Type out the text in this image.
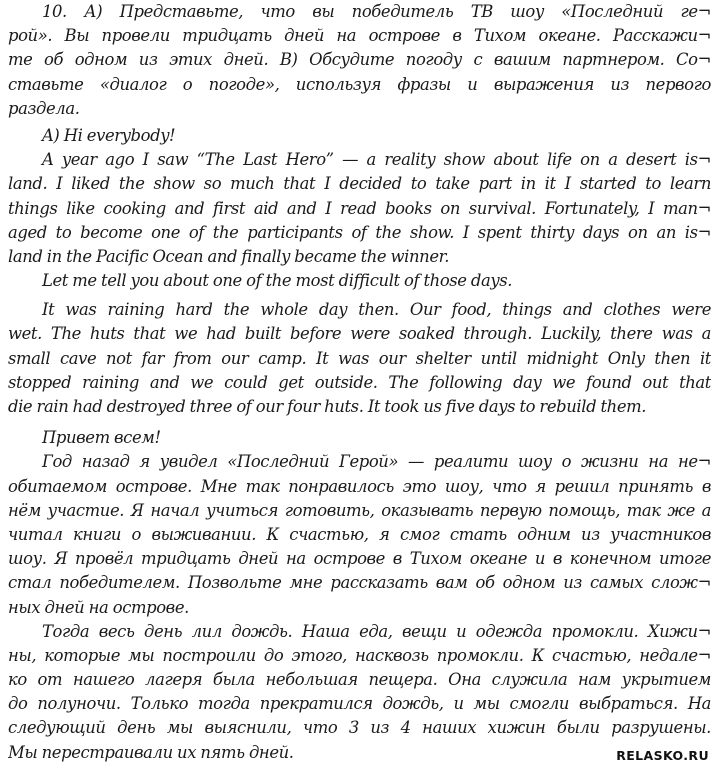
10. А) Представьте, что вы победитель ТВ шоу «Последний ге¬
рой». Вы провели тридцать дней на острове в Тихом океане. Расскажи¬
те об одном из этих дней. В) Обсудите погоду с вашим партнером. Со¬
ставьте «диалог о погоде», используя фразы и выражения из первого
раздела.
A) Hi everybody!
A year ago I saw “The Last Hero” — a reality show about life on a desert is¬
land. I liked the show so much that I decided to take part in it I started to learn
things like cooking and first aid and I read books on survival. Fortunately, I man¬
aged to become one of the participants of the show. I spent thirty days on an is¬
land in the Pacific Ocean and finally became the winner.
Let me tell you about one of the most difficult of those days.
It was raining hard the whole day then. Our food, things and clothes were
wet. The huts that we had built before were soaked through. Luckily, there was a
small cave not far from our camp. It was our shelter until midnight Only then it
stopped raining and we could get outside. The following day we found out that
die rain had destroyed three of our four huts. It took us five days to rebuild them.
Привет всем!
Год назад я увидел «Последний Герой» — реалити шоу о жизни на не¬
обитаемом острове. Мне так понравилось это шоу, что я решил принять в
нём участие. Я начал учиться готовить, оказывать первую помощь, так же а
читал книги о выживании. К счастью, я смог стать одним из участников
шоу. Я провёл тридцать дней на острове в Тихом океане и в конечном итоге
стал победителем. Позвольте мне рассказать вам об одном из самых слож¬
ных дней на острове.
Тогда весь день лил дождь. Наша еда, вещи и одежда промокли. Хижи¬
ны, которые мы построили до этого, насквозь промокли. К счастью, недале¬
ко от нашего лагеря была небольшая пещера. Она служила нам укрытием
до полуночи. Только тогда прекратился дождь, и мы смогли выбраться. На
следующий день мы выяснили, что 3 из 4 наших хижин были разрушены.
Мы перестраивали их пять дней.	RELASKO.RU
